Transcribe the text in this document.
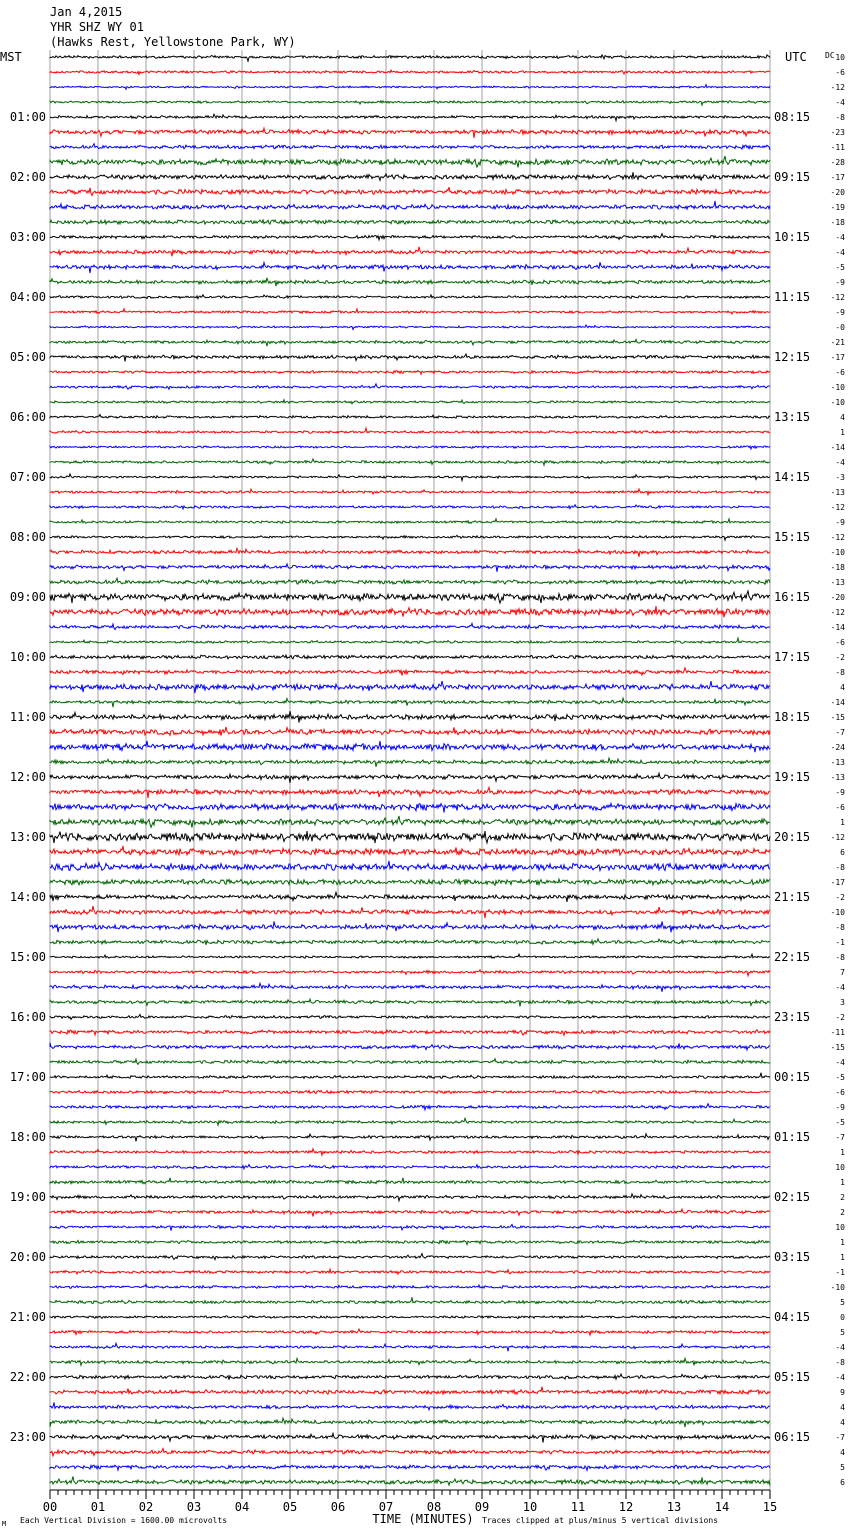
Jan 4,2015
YHR SHZ WY 01
(Hawks Rest, Yellowstone Park, WY)
00	01	02	03	04	05	06	07	08	09	10	11	12	13	14	15
TIME (MINUTES)
10
-6
-12
-4
-8
-23
-11
-28
-17
-20
-19
-18
-4
-4
-5
-9
-12
-9
-0
-21
-17
-6
-10
-10
4
1
-14
-4
-3
-13
-12
-9
-12
-10
-18
-13
-20
-12
-14
-6
-2
-8
4
-14
-15
-7
-24
-13
-13
-9
-6
1
-12
6
-8
-17
-2
-10
-8
-1
-8
7
-4
3
-2
-11
-15
-4
-5
-6
-9
-5
-7
1
10
1
2
2
10
1
1
-1
-10
5
0
5
-4
-8
-4
9
4
4
-7
4
5
6
MST	UTC DC
01:00
02:00
03:00
04:00
05:00
06:00
07:00
08:00
09:00
10:00
11:00
12:00
13:00
14:00
15:00
16:00
17:00
18:00
19:00
20:00
21:00
22:00
23:00
08:15
09:15
10:15
11:15
12:15
13:15
14:15
15:15
16:15
17:15
18:15
19:15
20:15
21:15
22:15
23:15
00:15
01:15
02:15
03:15
04:15
05:15
06:15
M Each Vertical Division = 1600.00 microvolts	Traces clipped at plus/minus 5 vertical divisions
